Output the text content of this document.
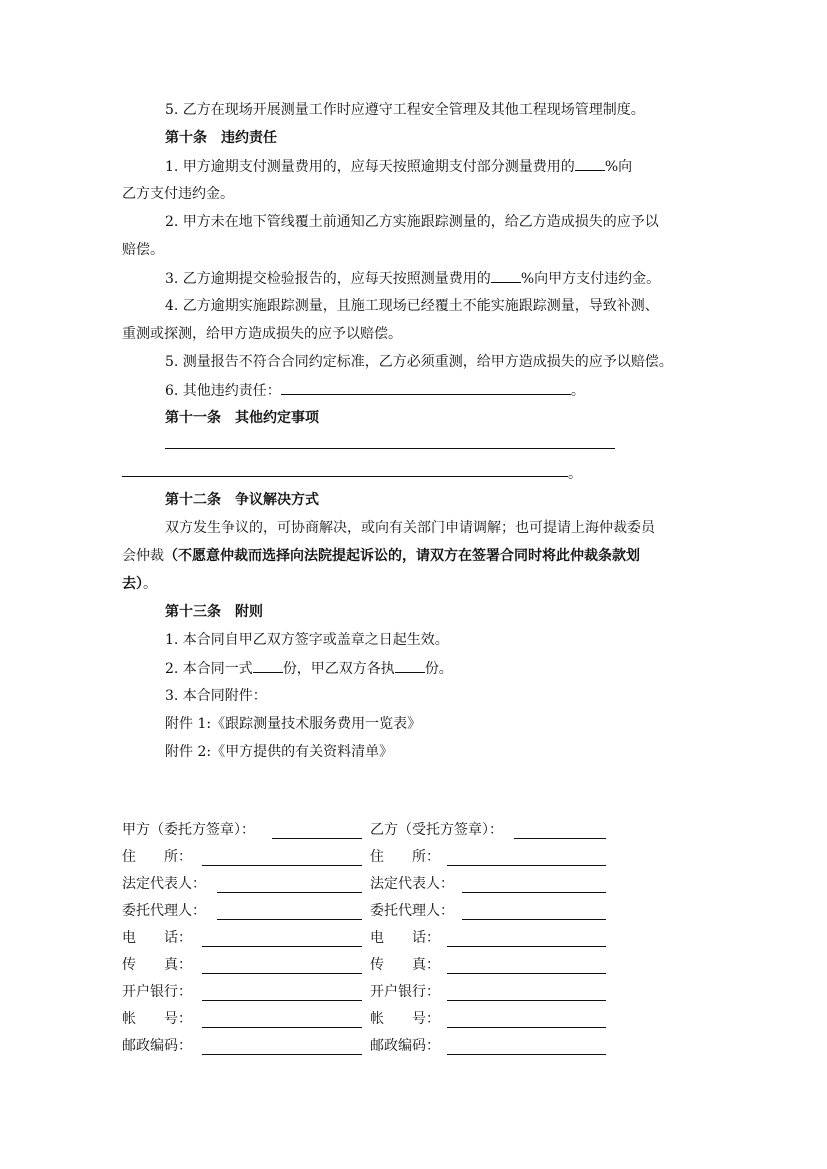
5. 乙方在现场开展测量工作时应遵守工程安全管理及其他工程现场管理制度。
第十条　违约责任
1. 甲方逾期支付测量费用的，应每天按照逾期支付部分测量费用的 %向
乙方支付违约金。
2. 甲方未在地下管线覆土前通知乙方实施跟踪测量的，给乙方造成损失的应予以
赔偿。
3. 乙方逾期提交检验报告的，应每天按照测量费用的 %向甲方支付违约金。
4. 乙方逾期实施跟踪测量，且施工现场已经覆土不能实施跟踪测量，导致补测、
重测或探测，给甲方造成损失的应予以赔偿。
5. 测量报告不符合合同约定标准，乙方必须重测，给甲方造成损失的应予以赔偿。
6. 其他违约责任：	。
第十一条　其他约定事项
。
第十二条　争议解决方式
双方发生争议的，可协商解决，或向有关部门申请调解；也可提请上海仲裁委员
会仲裁（不愿意仲裁而选择向法院提起诉讼的，请双方在签署合同时将此仲裁条款划
去）。
第十三条　附则
1. 本合同自甲乙双方签字或盖章之日起生效。
2. 本合同一式 份，甲乙双方各执 份。
3. 本合同附件：
附件 1:《跟踪测量技术服务费用一览表》
附件 2:《甲方提供的有关资料清单》
甲方（委托方签章）：	乙方（受托方签章）：
住　　所：	住　　所：
法定代表人：	法定代表人：
委托代理人：	委托代理人：
电　　话：	电　　话：
传　　真：	传　　真：
开户银行：	开户银行：
帐　　号：	帐　　号：
邮政编码：	邮政编码：
